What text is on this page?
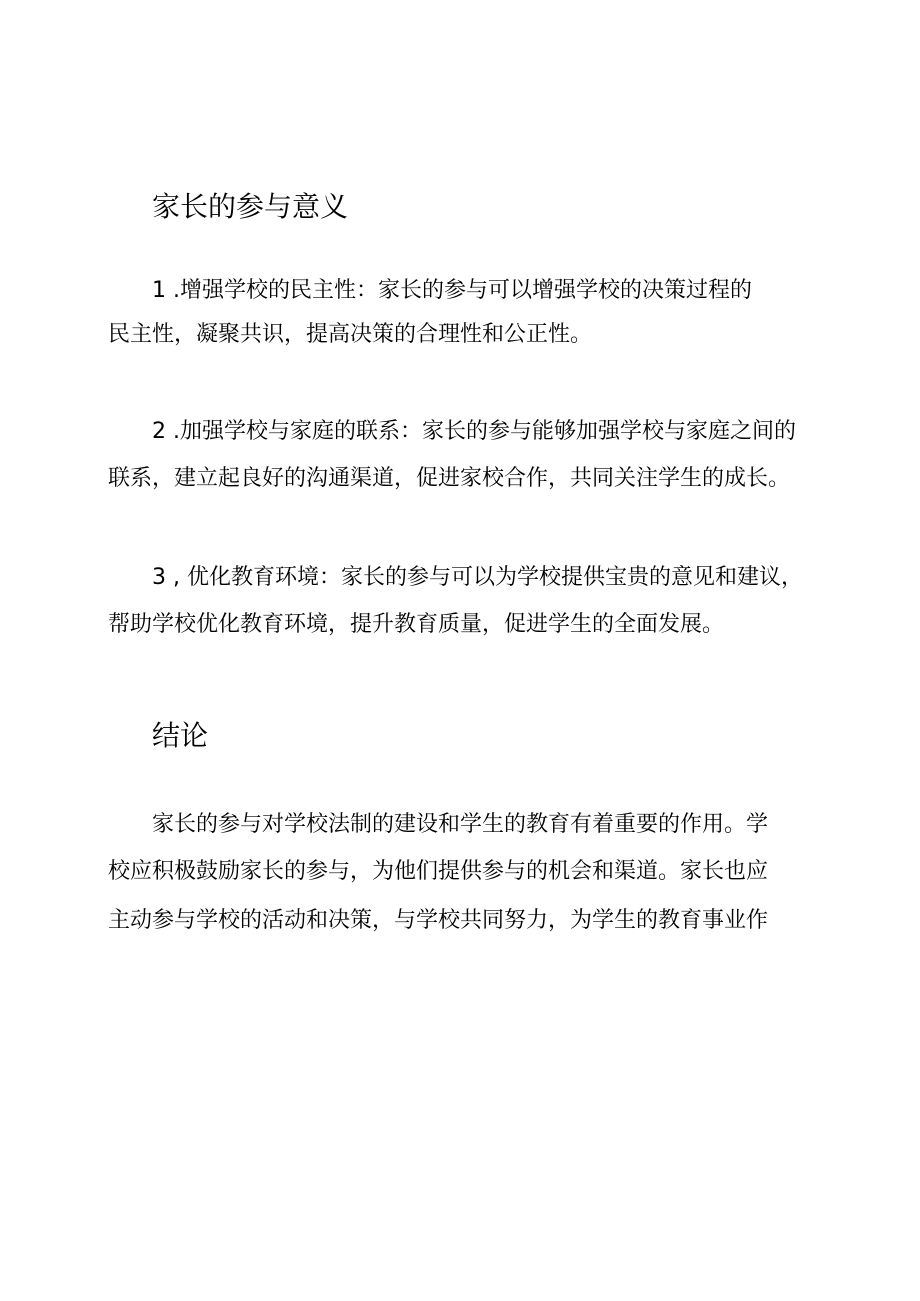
家长的参与意义
1 .增强学校的民主性：家长的参与可以增强学校的决策过程的
民主性，凝聚共识，提高决策的合理性和公正性。
2 .加强学校与家庭的联系：家长的参与能够加强学校与家庭之间的
联系，建立起良好的沟通渠道，促进家校合作，共同关注学生的成长。
3 , 优化教育环境：家长的参与可以为学校提供宝贵的意见和建议，
帮助学校优化教育环境，提升教育质量，促进学生的全面发展。
结论
家长的参与对学校法制的建设和学生的教育有着重要的作用。学
校应积极鼓励家长的参与，为他们提供参与的机会和渠道。家长也应
主动参与学校的活动和决策，与学校共同努力，为学生的教育事业作
